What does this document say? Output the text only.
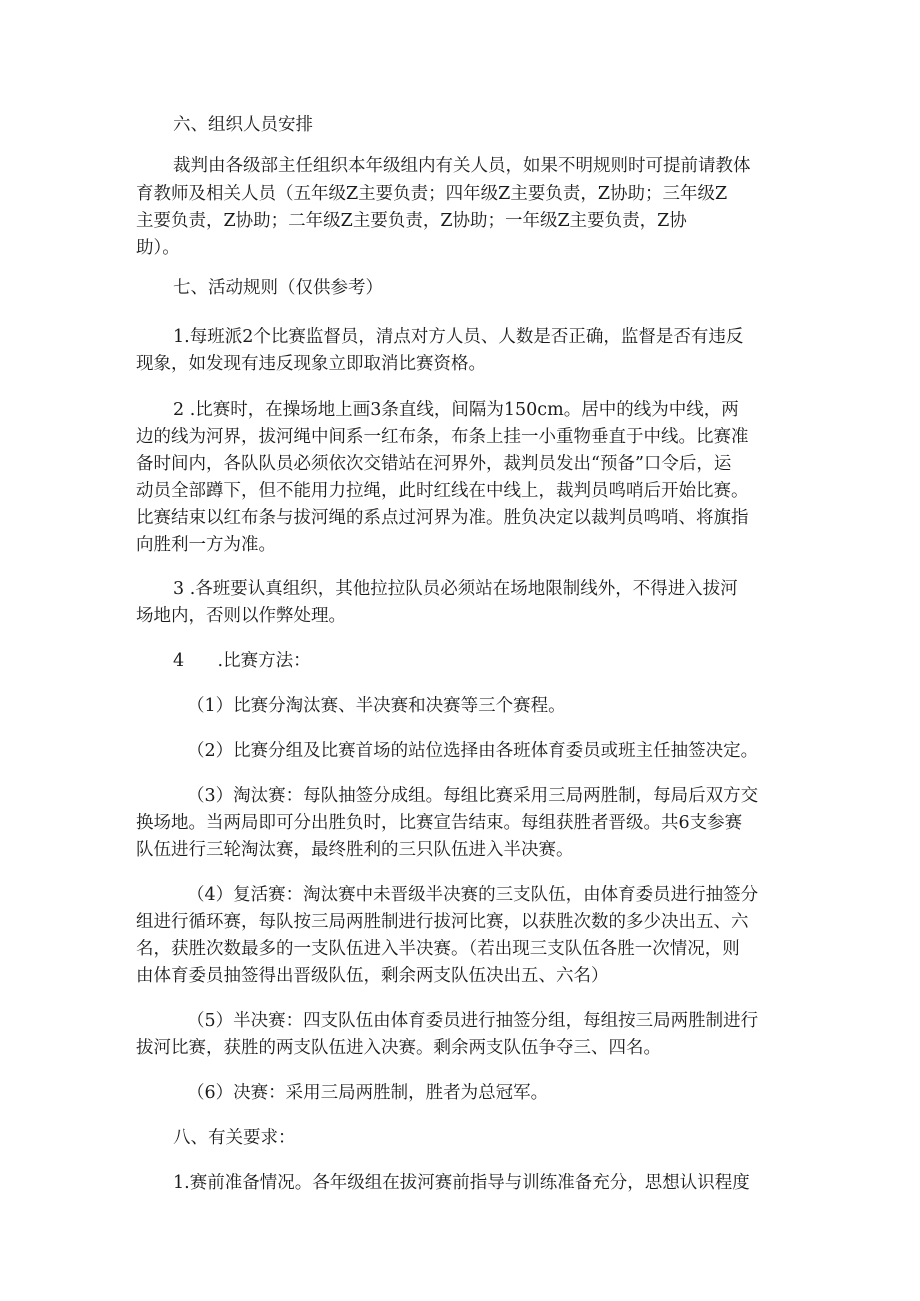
六、组织人员安排
裁判由各级部主任组织本年级组内有关人员，如果不明规则时可提前请教体
育教师及相关人员（五年级Z主要负责；四年级Z主要负责，Z协助；三年级Z
主要负责，Z协助；二年级Z主要负责，Z协助；一年级Z主要负责，Z协
助）。
七、活动规则（仅供参考）
1.每班派2个比赛监督员，清点对方人员、人数是否正确，监督是否有违反
现象，如发现有违反现象立即取消比赛资格。
2 .比赛时，在操场地上画3条直线，间隔为150cm。居中的线为中线，两
边的线为河界，拔河绳中间系一红布条，布条上挂一小重物垂直于中线。比赛准
备时间内，各队队员必须依次交错站在河界外，裁判员发出“预备”口令后，运
动员全部蹲下，但不能用力拉绳，此时红线在中线上，裁判员鸣哨后开始比赛。
比赛结束以红布条与拔河绳的系点过河界为准。胜负决定以裁判员鸣哨、将旗指
向胜利一方为准。
3 .各班要认真组织，其他拉拉队员必须站在场地限制线外，不得进入拔河
场地内，否则以作弊处理。
4      .比赛方法：
（1）比赛分淘汰赛、半决赛和决赛等三个赛程。
（2）比赛分组及比赛首场的站位选择由各班体育委员或班主任抽签决定。
（3）淘汰赛：每队抽签分成组。每组比赛采用三局两胜制，每局后双方交
换场地。当两局即可分出胜负时，比赛宣告结束。每组获胜者晋级。共6支参赛
队伍进行三轮淘汰赛，最终胜利的三只队伍进入半决赛。
（4）复活赛：淘汰赛中未晋级半决赛的三支队伍，由体育委员进行抽签分
组进行循环赛，每队按三局两胜制进行拔河比赛，以获胜次数的多少决出五、六
名，获胜次数最多的一支队伍进入半决赛。（若出现三支队伍各胜一次情况，则
由体育委员抽签得出晋级队伍，剩余两支队伍决出五、六名）
（5）半决赛：四支队伍由体育委员进行抽签分组，每组按三局两胜制进行
拔河比赛，获胜的两支队伍进入决赛。剩余两支队伍争夺三、四名。
（6）决赛：采用三局两胜制，胜者为总冠军。
八、有关要求：
1.赛前准备情况。各年级组在拔河赛前指导与训练准备充分，思想认识程度
